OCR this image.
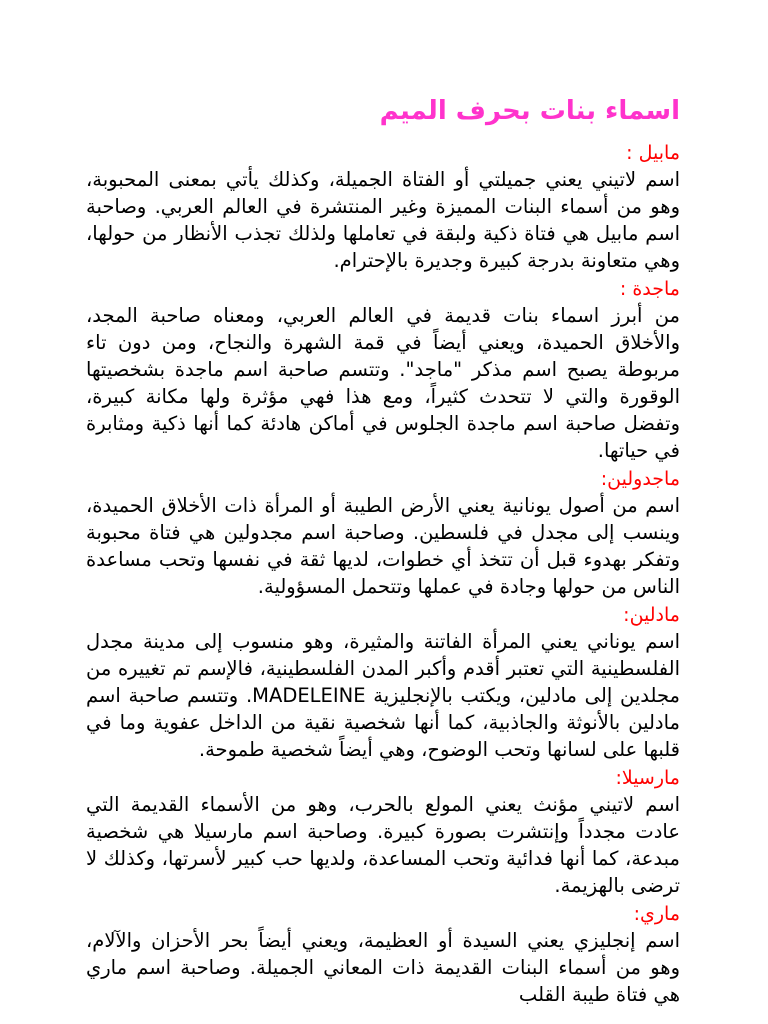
اسماء بنات بحرف الميم

مابيل :

اسم لاتيني يعني جميلتي أو الفتاة الجميلة، وكذلك يأتي بمعنى المحبوبة، وهو من أسماء البنات المميزة وغير المنتشرة في العالم العربي. وصاحبة اسم مابيل هي فتاة ذكية ولبقة في تعاملها ولذلك تجذب الأنظار من حولها، وهي متعاونة بدرجة كبيرة وجديرة بالإحترام.

ماجدة :

من أبرز اسماء بنات قديمة في العالم العربي، ومعناه صاحبة المجد، والأخلاق الحميدة، ويعني أيضاً في قمة الشهرة والنجاح، ومن دون تاء مربوطة يصبح اسم مذكر "ماجد". وتتسم صاحبة اسم ماجدة بشخصيتها الوقورة والتي لا تتحدث كثيراً، ومع هذا فهي مؤثرة ولها مكانة كبيرة، وتفضل صاحبة اسم ماجدة الجلوس في أماكن هادئة كما أنها ذكية ومثابرة في حياتها.

ماجدولين:

اسم من أصول يونانية يعني الأرض الطيبة أو المرأة ذات الأخلاق الحميدة، وينسب إلى مجدل في فلسطين. وصاحبة اسم مجدولين هي فتاة محبوبة وتفكر بهدوء قبل أن تتخذ أي خطوات، لديها ثقة في نفسها وتحب مساعدة الناس من حولها وجادة في عملها وتتحمل المسؤولية.

مادلين:

اسم يوناني يعني المرأة الفاتنة والمثيرة، وهو منسوب إلى مدينة مجدل الفلسطينية التي تعتبر أقدم وأكبر المدن الفلسطينية، فالإسم تم تغييره من مجلدين إلى مادلين، ويكتب بالإنجليزية MADELEINE. وتتسم صاحبة اسم مادلين بالأنوثة والجاذبية، كما أنها شخصية نقية من الداخل عفوية وما في قلبها على لسانها وتحب الوضوح، وهي أيضاً شخصية طموحة.

مارسيلا:

اسم لاتيني مؤنث يعني المولع بالحرب، وهو من الأسماء القديمة التي عادت مجدداً وإنتشرت بصورة كبيرة. وصاحبة اسم مارسيلا هي شخصية مبدعة، كما أنها فدائية وتحب المساعدة، ولديها حب كبير لأسرتها، وكذلك لا ترضى بالهزيمة.

ماري:

اسم إنجليزي يعني السيدة أو العظيمة، ويعني أيضاً بحر الأحزان والآلام، وهو من أسماء البنات القديمة ذات المعاني الجميلة. وصاحبة اسم ماري هي فتاة طيبة القلب
